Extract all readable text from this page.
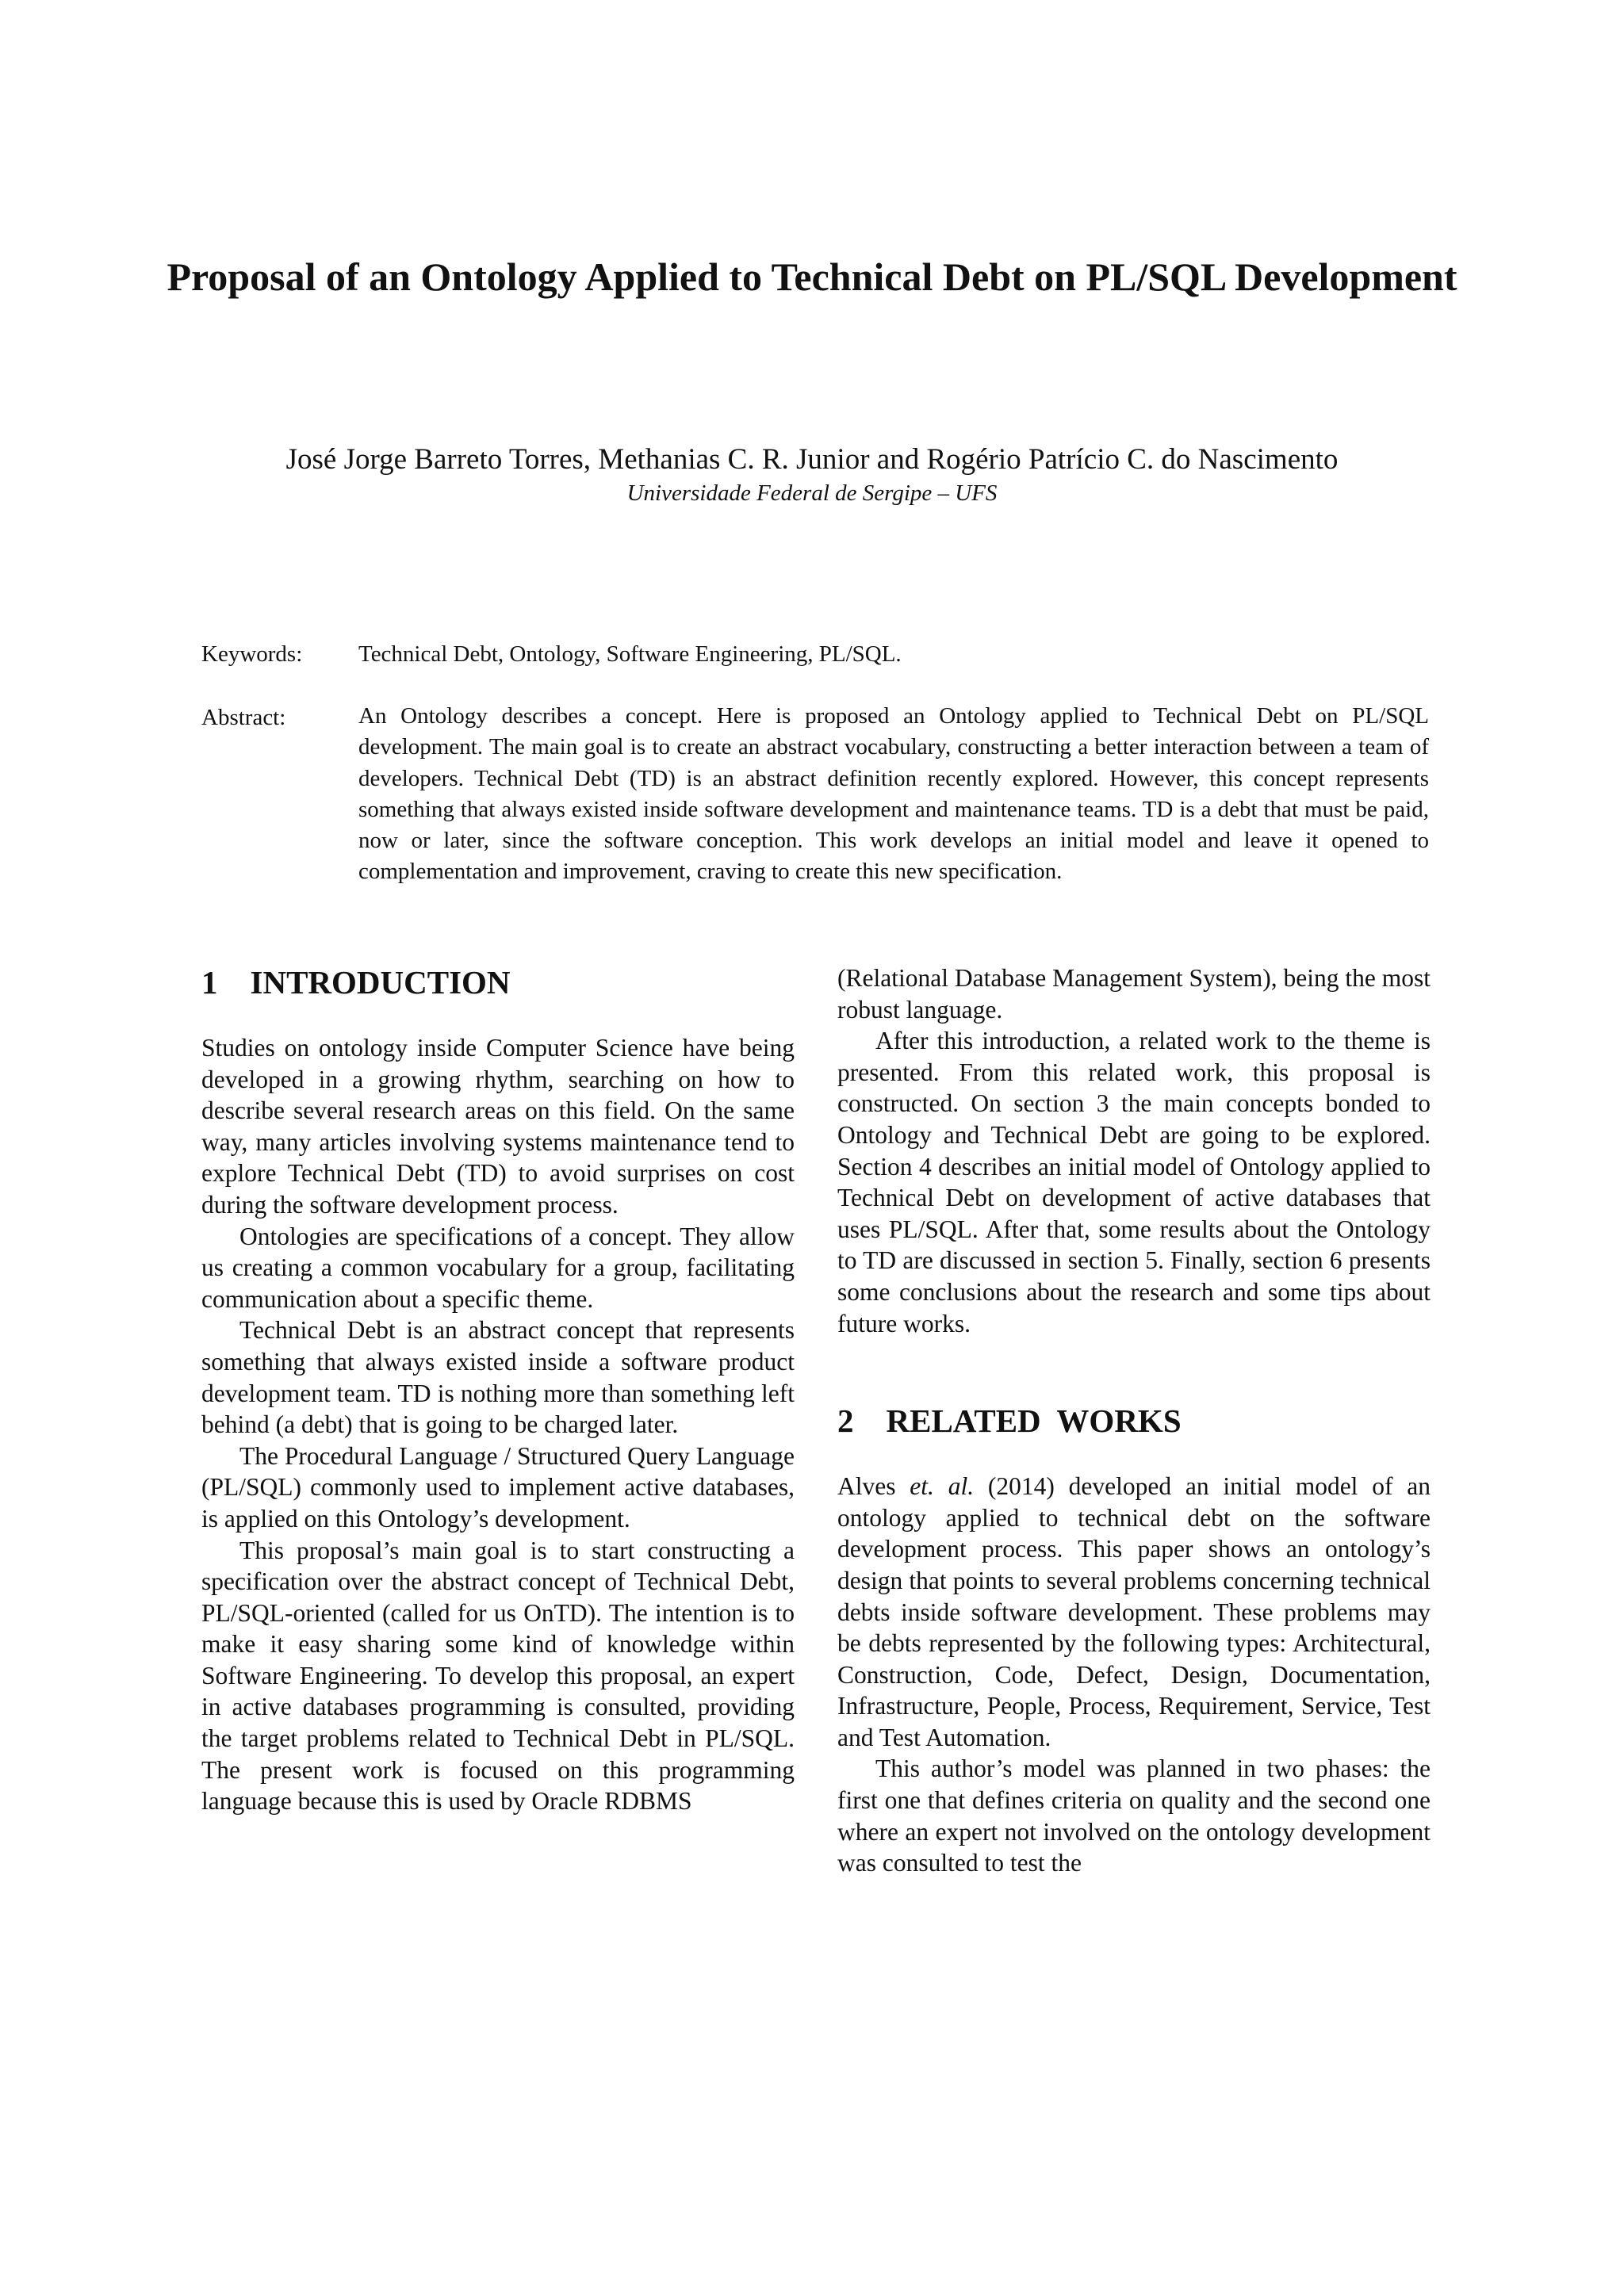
Proposal of an Ontology Applied to Technical Debt on PL/SQL Development

José Jorge Barreto Torres, Methanias C. R. Junior and Rogério Patrício C. do Nascimento

Universidade Federal de Sergipe – UFS

Keywords: Technical Debt, Ontology, Software Engineering, PL/SQL.

Abstract:	An Ontology describes a concept. Here is proposed an Ontology applied to Technical Debt on PL/SQL development. The main goal is to create an abstract vocabulary, constructing a better interaction between a team of developers. Technical Debt (TD) is an abstract definition recently explored. However, this concept represents something that always existed inside software development and maintenance teams. TD is a debt that must be paid, now or later, since the software conception. This work develops an initial model and leave it opened to complementation and improvement, craving to create this new specification.

1    INTRODUCTION

Studies on ontology inside Computer Science have being developed in a growing rhythm, searching on how to describe several research areas on this field. On the same way, many articles involving systems maintenance tend to explore Technical Debt (TD) to avoid surprises on cost during the software development process.

Ontologies are specifications of a concept. They allow us creating a common vocabulary for a group, facilitating communication about a specific theme.

Technical Debt is an abstract concept that represents something that always existed inside a software product development team. TD is nothing more than something left behind (a debt) that is going to be charged later.

The Procedural Language / Structured Query Language (PL/SQL) commonly used to implement active databases, is applied on this Ontology’s development.

This proposal’s main goal is to start constructing a specification over the abstract concept of Technical Debt, PL/SQL-oriented (called for us OnTD). The intention is to make it easy sharing some kind of knowledge within Software Engineering. To develop this proposal, an expert in active databases programming is consulted, providing the target problems related to Technical Debt in PL/SQL. The present work is focused on this programming language because this is used by Oracle RDBMS

(Relational Database Management System), being the most robust language.

After this introduction, a related work to the theme is presented. From this related work, this proposal is constructed. On section 3 the main concepts bonded to Ontology and Technical Debt are going to be explored. Section 4 describes an initial model of Ontology applied to Technical Debt on development of active databases that uses PL/SQL. After that, some results about the Ontology to TD are discussed in section 5. Finally, section 6 presents some conclusions about the research and some tips about future works.

2    RELATED  WORKS

Alves et. al. (2014) developed an initial model of an ontology applied to technical debt on the software development process. This paper shows an ontology’s design that points to several problems concerning technical debts inside software development. These problems may be debts represented by the following types: Architectural, Construction, Code, Defect, Design, Documentation, Infrastructure, People, Process, Requirement, Service, Test and Test Automation.

This author’s model was planned in two phases: the first one that defines criteria on quality and the second one where an expert not involved on the ontology development was consulted to test the
